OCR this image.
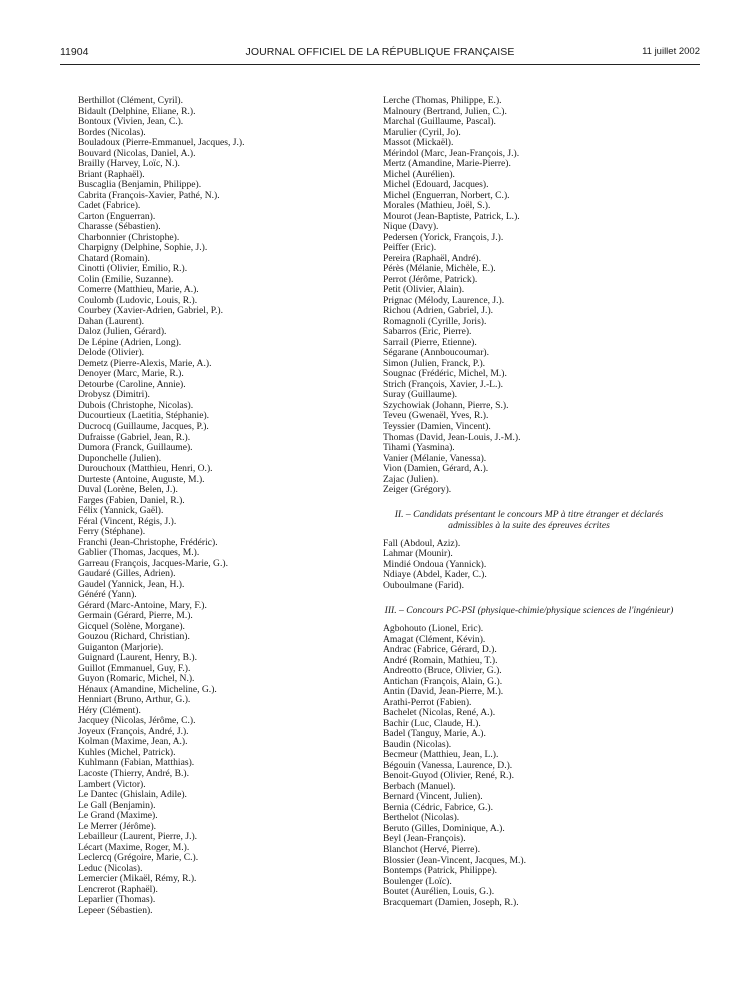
11904	JOURNAL OFFICIEL DE LA RÉPUBLIQUE FRANÇAISE	11 juillet 2002
Berthillot (Clément, Cyril).
Bidault (Delphine, Eliane, R.).
Bontoux (Vivien, Jean, C.).
Bordes (Nicolas).
Bouladoux (Pierre-Emmanuel, Jacques, J.).
Bouvard (Nicolas, Daniel, A.).
Brailly (Harvey, Loïc, N.).
Briant (Raphaël).
Buscaglia (Benjamin, Philippe).
Cabrita (François-Xavier, Pathé, N.).
Cadet (Fabrice).
Carton (Enguerran).
Charasse (Sébastien).
Charbonnier (Christophe).
Charpigny (Delphine, Sophie, J.).
Chatard (Romain).
Cinotti (Olivier, Emilio, R.).
Colin (Emilie, Suzanne).
Comerre (Matthieu, Marie, A.).
Coulomb (Ludovic, Louis, R.).
Courbey (Xavier-Adrien, Gabriel, P.).
Dahan (Laurent).
Daloz (Julien, Gérard).
De Lépine (Adrien, Long).
Delode (Olivier).
Demetz (Pierre-Alexis, Marie, A.).
Denoyer (Marc, Marie, R.).
Detourbe (Caroline, Annie).
Drobysz (Dimitri).
Dubois (Christophe, Nicolas).
Ducourtieux (Laetitia, Stéphanie).
Ducrocq (Guillaume, Jacques, P.).
Dufraisse (Gabriel, Jean, R.).
Dumora (Franck, Guillaume).
Duponchelle (Julien).
Durouchoux (Matthieu, Henri, O.).
Durteste (Antoine, Auguste, M.).
Duval (Lorène, Belen, J.).
Farges (Fabien, Daniel, R.).
Félix (Yannick, Gaël).
Féral (Vincent, Régis, J.).
Ferry (Stéphane).
Franchi (Jean-Christophe, Frédéric).
Gablier (Thomas, Jacques, M.).
Garreau (François, Jacques-Marie, G.).
Gaudaré (Gilles, Adrien).
Gaudel (Yannick, Jean, H.).
Généré (Yann).
Gérard (Marc-Antoine, Mary, F.).
Germain (Gérard, Pierre, M.).
Gicquel (Solène, Morgane).
Gouzou (Richard, Christian).
Guiganton (Marjorie).
Guignard (Laurent, Henry, B.).
Guillot (Emmanuel, Guy, F.).
Guyon (Romaric, Michel, N.).
Hénaux (Amandine, Micheline, G.).
Henniart (Bruno, Arthur, G.).
Héry (Clément).
Jacquey (Nicolas, Jérôme, C.).
Joyeux (François, André, J.).
Kolman (Maxime, Jean, A.).
Kuhles (Michel, Patrick).
Kuhlmann (Fabian, Matthias).
Lacoste (Thierry, André, B.).
Lambert (Victor).
Le Dantec (Ghislain, Adile).
Le Gall (Benjamin).
Le Grand (Maxime).
Le Merrer (Jérôme).
Lebailleur (Laurent, Pierre, J.).
Lécart (Maxime, Roger, M.).
Leclercq (Grégoire, Marie, C.).
Leduc (Nicolas).
Lemercier (Mikaël, Rémy, R.).
Lencrerot (Raphaël).
Leparlier (Thomas).
Lepeer (Sébastien).
Lerche (Thomas, Philippe, E.).
Malnoury (Bertrand, Julien, C.).
Marchal (Guillaume, Pascal).
Marulier (Cyril, Jo).
Massot (Mickaël).
Mérindol (Marc, Jean-François, J.).
Mertz (Amandine, Marie-Pierre).
Michel (Aurélien).
Michel (Edouard, Jacques).
Michel (Enguerran, Norbert, C.).
Morales (Mathieu, Joël, S.).
Mourot (Jean-Baptiste, Patrick, L.).
Nique (Davy).
Pedersen (Yorick, François, J.).
Peiffer (Eric).
Pereira (Raphaël, André).
Pérès (Mélanie, Michèle, E.).
Perrot (Jérôme, Patrick).
Petit (Olivier, Alain).
Prignac (Mélody, Laurence, J.).
Richou (Adrien, Gabriel, J.).
Romagnoli (Cyrille, Joris).
Sabarros (Eric, Pierre).
Sarrail (Pierre, Etienne).
Ségarane (Annboucoumar).
Simon (Julien, Franck, P.).
Sougnac (Frédéric, Michel, M.).
Strich (François, Xavier, J.-L.).
Suray (Guillaume).
Szychowiak (Johann, Pierre, S.).
Teveu (Gwenaël, Yves, R.).
Teyssier (Damien, Vincent).
Thomas (David, Jean-Louis, J.-M.).
Tihami (Yasmina).
Vanier (Mélanie, Vanessa).
Vion (Damien, Gérard, A.).
Zajac (Julien).
Zeiger (Grégory).
II. – Candidats présentant le concours MP à titre étranger et déclarés admissibles à la suite des épreuves écrites
Fall (Abdoul, Aziz).
Lahmar (Mounir).
Mindié Ondoua (Yannick).
Ndiaye (Abdel, Kader, C.).
Ouboulmane (Farid).
III. – Concours PC-PSI (physique-chimie/physique sciences de l'ingénieur)
Agbohouto (Lionel, Eric).
Amagat (Clément, Kévin).
Andrac (Fabrice, Gérard, D.).
André (Romain, Mathieu, T.).
Andreotto (Bruce, Olivier, G.).
Antichan (François, Alain, G.).
Antin (David, Jean-Pierre, M.).
Arathi-Perrot (Fabien).
Bachelet (Nicolas, René, A.).
Bachir (Luc, Claude, H.).
Badel (Tanguy, Marie, A.).
Baudin (Nicolas).
Becmeur (Matthieu, Jean, L.).
Bégouin (Vanessa, Laurence, D.).
Benoit-Guyod (Olivier, René, R.).
Berbach (Manuel).
Bernard (Vincent, Julien).
Bernia (Cédric, Fabrice, G.).
Berthelot (Nicolas).
Beruto (Gilles, Dominique, A.).
Beyl (Jean-François).
Blanchot (Hervé, Pierre).
Blossier (Jean-Vincent, Jacques, M.).
Bontemps (Patrick, Philippe).
Boulenger (Loïc).
Boutet (Aurélien, Louis, G.).
Bracquemart (Damien, Joseph, R.).
